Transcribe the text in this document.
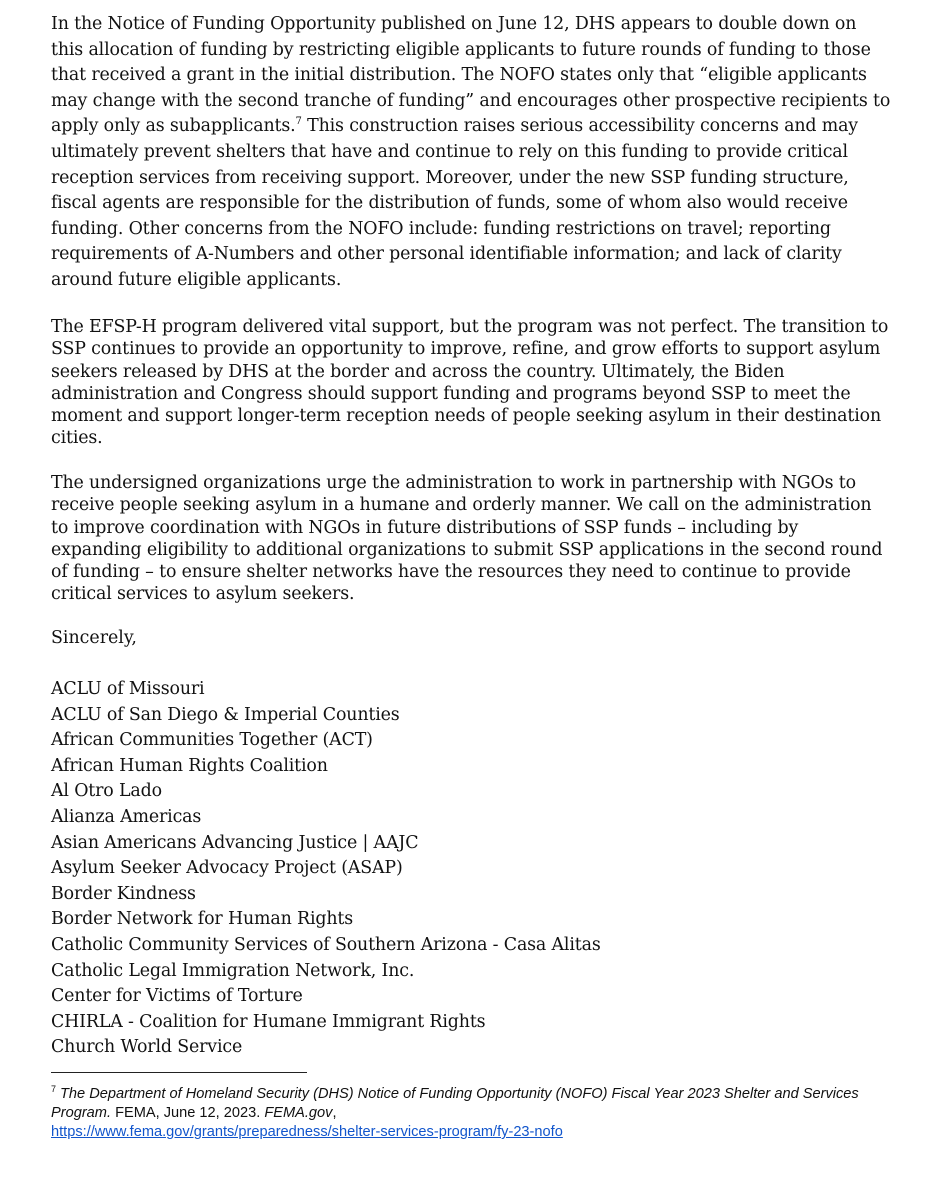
In the Notice of Funding Opportunity published on June 12, DHS appears to double down on this allocation of funding by restricting eligible applicants to future rounds of funding to those that received a grant in the initial distribution. The NOFO states only that “eligible applicants may change with the second tranche of funding” and encourages other prospective recipients to apply only as subapplicants.$^7$ This construction raises serious accessibility concerns and may ultimately prevent shelters that have and continue to rely on this funding to provide critical reception services from receiving support. Moreover, under the new SSP funding structure, fiscal agents are responsible for the distribution of funds, some of whom also would receive funding. Other concerns from the NOFO include: funding restrictions on travel; reporting requirements of A-Numbers and other personal identifiable information; and lack of clarity around future eligible applicants.

The EFSP-H program delivered vital support, but the program was not perfect. The transition to SSP continues to provide an opportunity to improve, refine, and grow efforts to support asylum seekers released by DHS at the border and across the country. Ultimately, the Biden administration and Congress should support funding and programs beyond SSP to meet the moment and support longer-term reception needs of people seeking asylum in their destination cities.

The undersigned organizations urge the administration to work in partnership with NGOs to receive people seeking asylum in a humane and orderly manner. We call on the administration to improve coordination with NGOs in future distributions of SSP funds – including by expanding eligibility to additional organizations to submit SSP applications in the second round of funding – to ensure shelter networks have the resources they need to continue to provide critical services to asylum seekers.

Sincerely,

ACLU of Missouri
ACLU of San Diego & Imperial Counties
African Communities Together (ACT)
African Human Rights Coalition
Al Otro Lado
Alianza Americas
Asian Americans Advancing Justice | AAJC
Asylum Seeker Advocacy Project (ASAP)
Border Kindness
Border Network for Human Rights
Catholic Community Services of Southern Arizona - Casa Alitas
Catholic Legal Immigration Network, Inc.
Center for Victims of Torture
CHIRLA - Coalition for Humane Immigrant Rights
Church World Service

$^7$ The Department of Homeland Security (DHS) Notice of Funding Opportunity (NOFO) Fiscal Year 2023 Shelter and Services Program. FEMA, June 12, 2023. FEMA.gov,
https://www.fema.gov/grants/preparedness/shelter-services-program/fy-23-nofo
